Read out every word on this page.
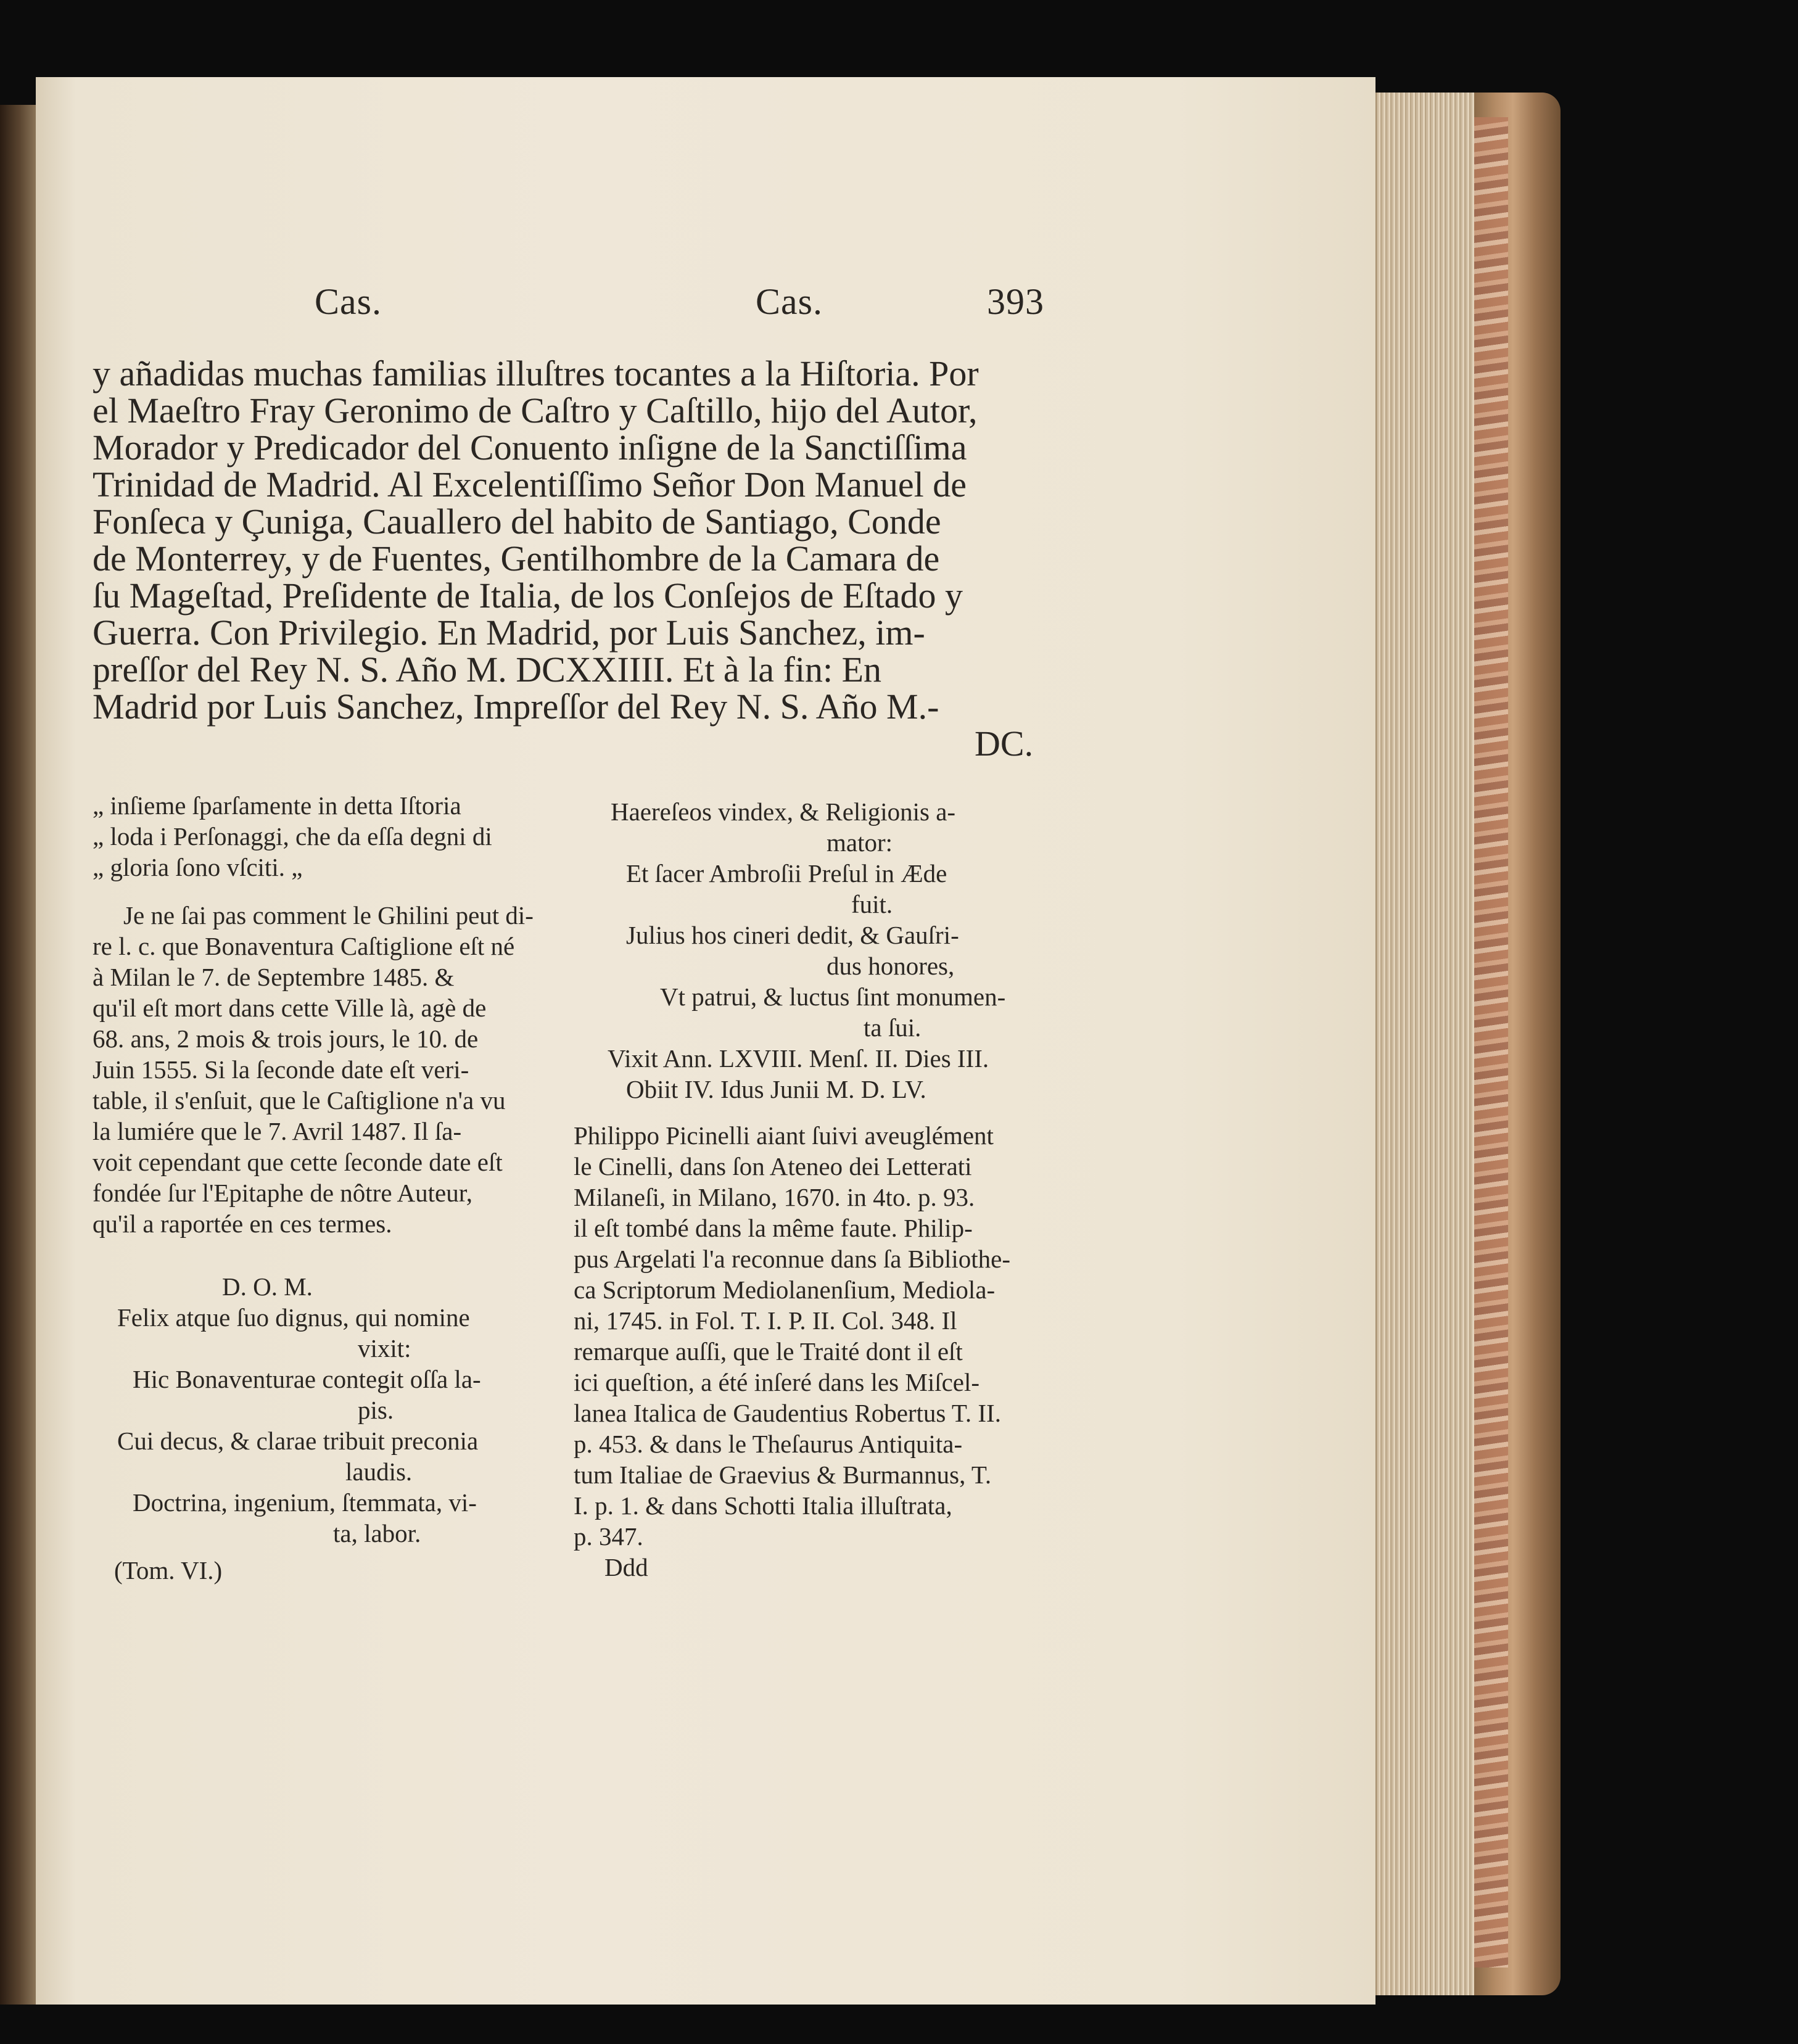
Cas.	Cas.	393
y añadidas muchas familias illuſtres tocantes a la Hiſtoria. Por
el Maeſtro Fray Geronimo de Caſtro y Caſtillo, hijo del Autor,
Morador y Predicador del Conuento inſigne de la Sanctiſſima
Trinidad de Madrid. Al Excelentiſſimo Señor Don Manuel de
Fonſeca y Çuniga, Cauallero del habito de Santiago, Conde
de Monterrey, y de Fuentes, Gentilhombre de la Camara de
ſu Mageſtad, Preſidente de Italia, de los Conſejos de Eſtado y
Guerra. Con Privilegio. En Madrid, por Luis Sanchez, im-
preſſor del Rey N. S. Año M. DCXXIIII. Et à la fin: En
Madrid por Luis Sanchez, Impreſſor del Rey N. S. Año M.-
DC.
„ inſieme ſparſamente in detta Iſtoria
„ loda i Perſonaggi, che da eſſa degni di
„ gloria ſono vſciti. „
Je ne ſai pas comment le Ghilini peut di-
re l. c. que Bonaventura Caſtiglione eſt né
à Milan le 7. de Septembre 1485. &
qu'il eſt mort dans cette Ville là, agè de
68. ans, 2 mois & trois jours, le 10. de
Juin 1555. Si la ſeconde date eſt veri-
table, il s'enſuit, que le Caſtiglione n'a vu
la lumiére que le 7. Avril 1487. Il ſa-
voit cependant que cette ſeconde date eſt
fondée ſur l'Epitaphe de nôtre Auteur,
qu'il a raportée en ces termes.
D. O. M.
Felix atque ſuo dignus, qui nomine
vixit:
Hic Bonaventurae contegit oſſa la-
pis.
Cui decus, & clarae tribuit preconia
laudis.
Doctrina, ingenium, ſtemmata, vi-
ta, labor.
(Tom. VI.)
Haereſeos vindex, & Religionis a-
mator:
Et ſacer Ambroſii Preſul in Æde
fuit.
Julius hos cineri dedit, & Gauſri-
dus honores,
Vt patrui, & luctus ſint monumen-
ta ſui.
Vixit Ann. LXVIII. Menſ. II. Dies III.
Obiit IV. Idus Junii M. D. LV.
Philippo Picinelli aiant ſuivi aveuglément
le Cinelli, dans ſon Ateneo dei Letterati
Milaneſi, in Milano, 1670. in 4to. p. 93.
il eſt tombé dans la même faute. Philip-
pus Argelati l'a reconnue dans ſa Bibliothe-
ca Scriptorum Mediolanenſium, Mediola-
ni, 1745. in Fol. T. I. P. II. Col. 348. Il
remarque auſſi, que le Traité dont il eſt
ici queſtion, a été inſeré dans les Miſcel-
lanea Italica de Gaudentius Robertus T. II.
p. 453. & dans le Theſaurus Antiquita-
tum Italiae de Graevius & Burmannus, T.
I. p. 1. & dans Schotti Italia illuſtrata,
p. 347.
Ddd
